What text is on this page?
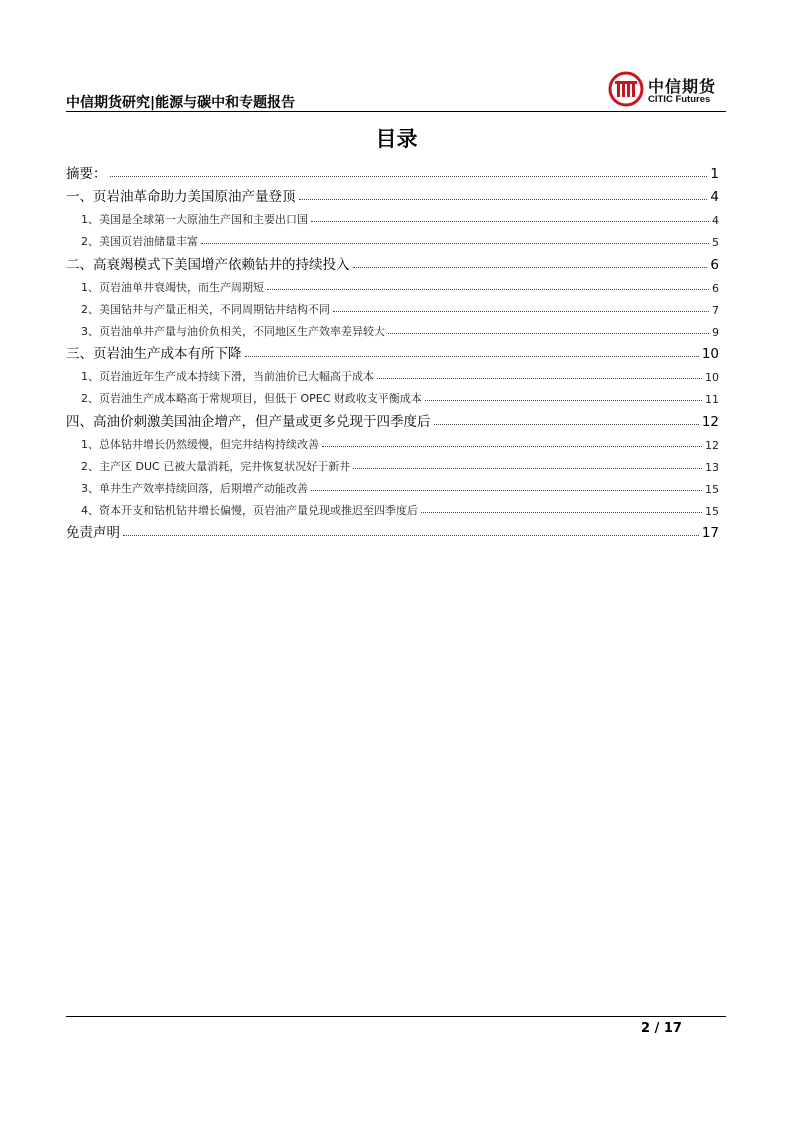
中信期货研究|能源与碳中和专题报告
中信期货
CITIC Futures
目录
摘要：	1
一、页岩油革命助力美国原油产量登顶	4
1、美国是全球第一大原油生产国和主要出口国	4
2、美国页岩油储量丰富	5
二、高衰竭模式下美国增产依赖钻井的持续投入	6
1、页岩油单井衰竭快，而生产周期短	6
2、美国钻井与产量正相关，不同周期钻井结构不同	7
3、页岩油单井产量与油价负相关，不同地区生产效率差异较大	9
三、页岩油生产成本有所下降	10
1、页岩油近年生产成本持续下滑，当前油价已大幅高于成本	10
2、页岩油生产成本略高于常规项目，但低于 OPEC 财政收支平衡成本	11
四、高油价刺激美国油企增产，但产量或更多兑现于四季度后	12
1、总体钻井增长仍然缓慢，但完井结构持续改善	12
2、主产区 DUC 已被大量消耗，完井恢复状况好于新井	13
3、单井生产效率持续回落，后期增产动能改善	15
4、资本开支和钻机钻井增长偏慢，页岩油产量兑现或推迟至四季度后	15
免责声明	17
2 / 17
